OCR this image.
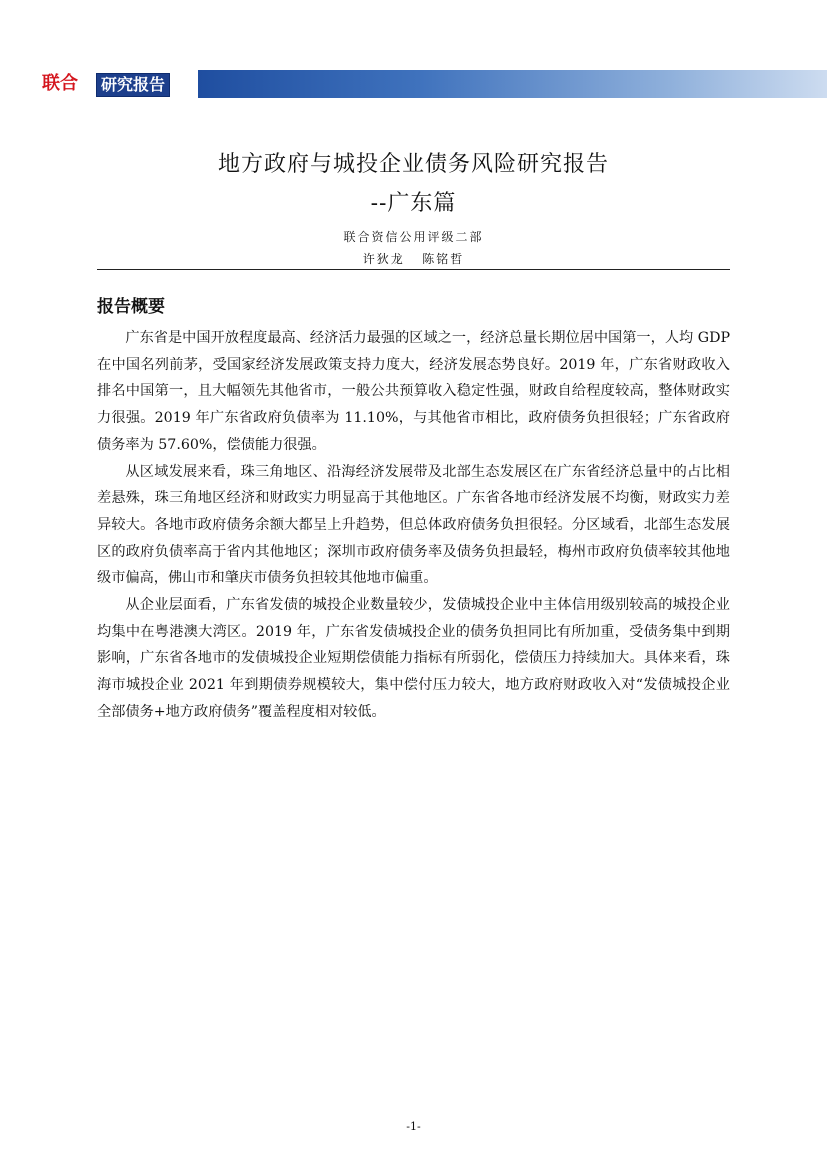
联合	研究报告
地方政府与城投企业债务风险研究报告
--广东篇
联合资信公用评级二部
许狄龙   陈铭哲
报告概要

广东省是中国开放程度最高、经济活力最强的区域之一，经济总量长期位居中国第一，人均 GDP 在中国名列前茅，受国家经济发展政策支持力度大，经济发展态势良好。2019 年，广东省财政收入排名中国第一，且大幅领先其他省市，一般公共预算收入稳定性强，财政自给程度较高，整体财政实力很强。2019 年广东省政府负债率为 11.10%，与其他省市相比，政府债务负担很轻；广东省政府债务率为 57.60%，偿债能力很强。

从区域发展来看，珠三角地区、沿海经济发展带及北部生态发展区在广东省经济总量中的占比相差悬殊，珠三角地区经济和财政实力明显高于其他地区。广东省各地市经济发展不均衡，财政实力差异较大。各地市政府债务余额大都呈上升趋势，但总体政府债务负担很轻。分区域看，北部生态发展区的政府负债率高于省内其他地区；深圳市政府债务率及债务负担最轻，梅州市政府负债率较其他地级市偏高，佛山市和肇庆市债务负担较其他地市偏重。

从企业层面看，广东省发债的城投企业数量较少，发债城投企业中主体信用级别较高的城投企业均集中在粤港澳大湾区。2019 年，广东省发债城投企业的债务负担同比有所加重，受债务集中到期影响，广东省各地市的发债城投企业短期偿债能力指标有所弱化，偿债压力持续加大。具体来看，珠海市城投企业 2021 年到期债券规模较大，集中偿付压力较大，地方政府财政收入对“发债城投企业全部债务+地方政府债务”覆盖程度相对较低。

-1-
